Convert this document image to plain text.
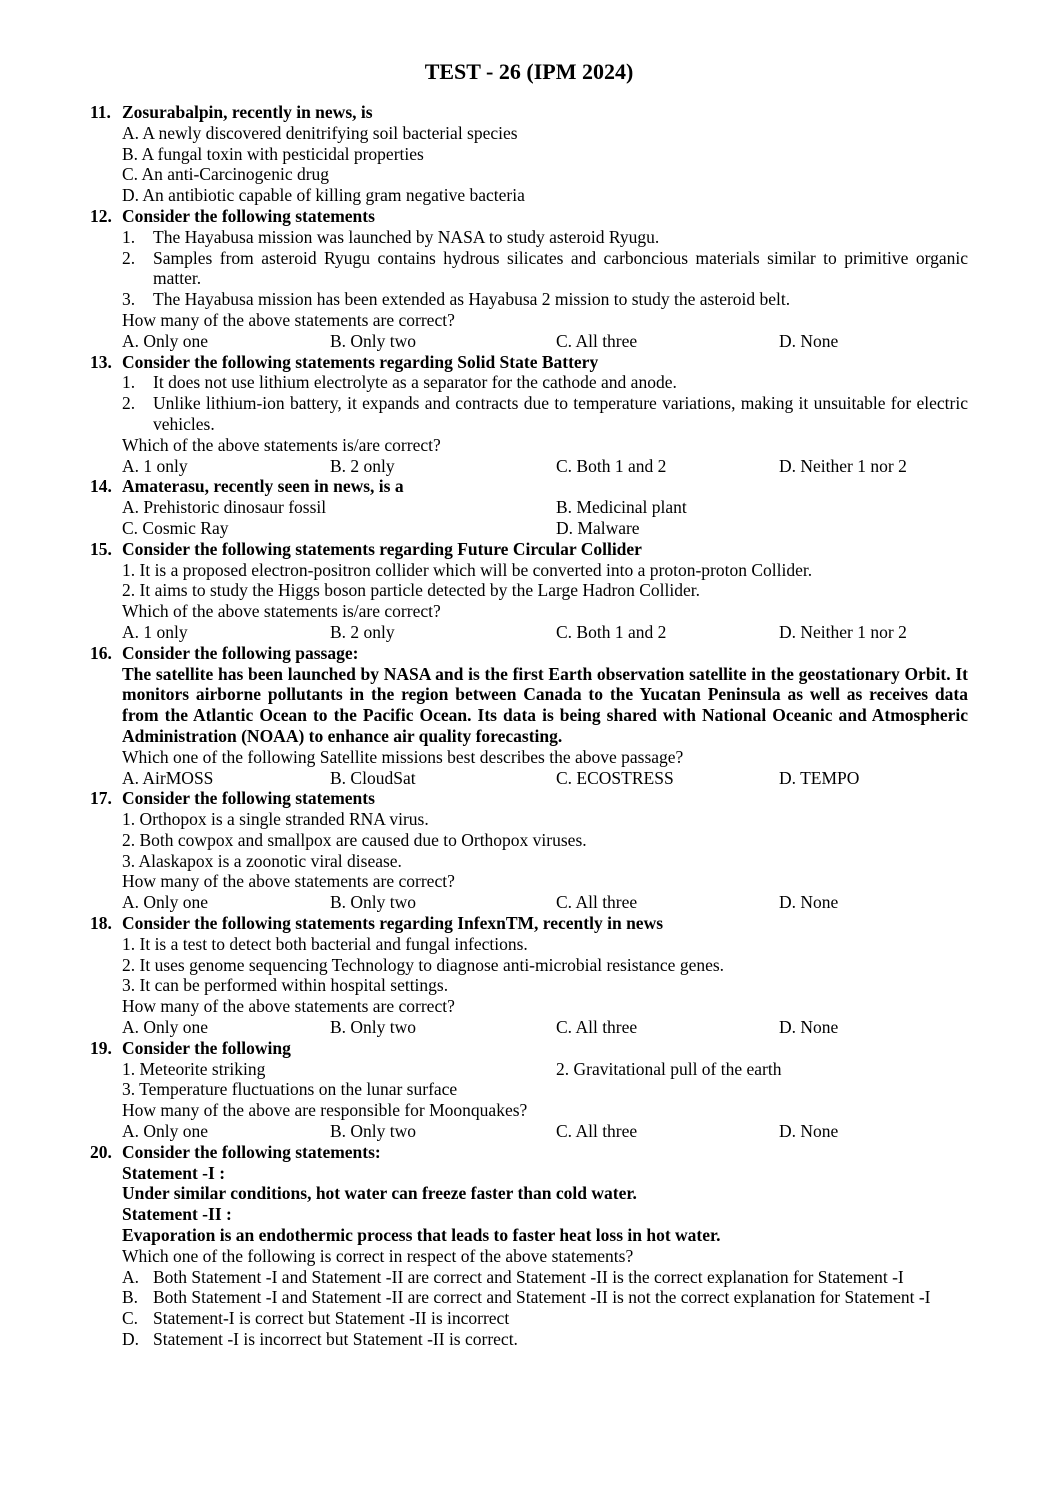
TEST - 26 (IPM 2024)
11. Zosurabalpin, recently in news, is
A. A newly discovered denitrifying soil bacterial species
B. A fungal toxin with pesticidal properties
C. An anti-Carcinogenic drug
D. An antibiotic capable of killing gram negative bacteria
12. Consider the following statements
1.	The Hayabusa mission was launched by NASA to study asteroid Ryugu.
2.	Samples from asteroid Ryugu contains hydrous silicates and carboncious materials similar to primitive organic matter.
3.	The Hayabusa mission has been extended as Hayabusa 2 mission to study the asteroid belt.
How many of the above statements are correct?
A. Only one	B. Only two	C. All three	D. None
13. Consider the following statements regarding Solid State Battery
1.	It does not use lithium electrolyte as a separator for the cathode and anode.
2.	Unlike lithium-ion battery, it expands and contracts due to temperature variations, making it unsuitable for electric vehicles.
Which of the above statements is/are correct?
A. 1 only	B. 2 only	C. Both 1 and 2	D. Neither 1 nor 2
14. Amaterasu, recently seen in news, is a
A. Prehistoric dinosaur fossil	B. Medicinal plant
C. Cosmic Ray	D. Malware
15. Consider the following statements regarding Future Circular Collider
1. It is a proposed electron-positron collider which will be converted into a proton-proton Collider.
2. It aims to study the Higgs boson particle detected by the Large Hadron Collider.
Which of the above statements is/are correct?
A. 1 only	B. 2 only	C. Both 1 and 2	D. Neither 1 nor 2
16. Consider the following passage:
The satellite has been launched by NASA and is the first Earth observation satellite in the geostationary Orbit. It monitors airborne pollutants in the region between Canada to the Yucatan Peninsula as well as receives data from the Atlantic Ocean to the Pacific Ocean. Its data is being shared with National Oceanic and Atmospheric Administration (NOAA) to enhance air quality forecasting.
Which one of the following Satellite missions best describes the above passage?
A. AirMOSS	B. CloudSat	C. ECOSTRESS	D. TEMPO
17. Consider the following statements
1. Orthopox is a single stranded RNA virus.
2. Both cowpox and smallpox are caused due to Orthopox viruses.
3. Alaskapox is a zoonotic viral disease.
How many of the above statements are correct?
A. Only one	B. Only two	C. All three	D. None
18. Consider the following statements regarding InfexnTM, recently in news
1. It is a test to detect both bacterial and fungal infections.
2. It uses genome sequencing Technology to diagnose anti-microbial resistance genes.
3. It can be performed within hospital settings.
How many of the above statements are correct?
A. Only one	B. Only two	C. All three	D. None
19. Consider the following
1. Meteorite striking	2. Gravitational pull of the earth
3. Temperature fluctuations on the lunar surface
How many of the above are responsible for Moonquakes?
A. Only one	B. Only two	C. All three	D. None
20. Consider the following statements:
Statement -I :
Under similar conditions, hot water can freeze faster than cold water.
Statement -II :
Evaporation is an endothermic process that leads to faster heat loss in hot water.
Which one of the following is correct in respect of the above statements?
A. Both Statement -I and Statement -II are correct and Statement -II is the correct explanation for Statement -I
B. Both Statement -I and Statement -II are correct and Statement -II is not the correct explanation for Statement -I
C. Statement-I is correct but Statement -II is incorrect
D. Statement -I is incorrect but Statement -II is correct.
